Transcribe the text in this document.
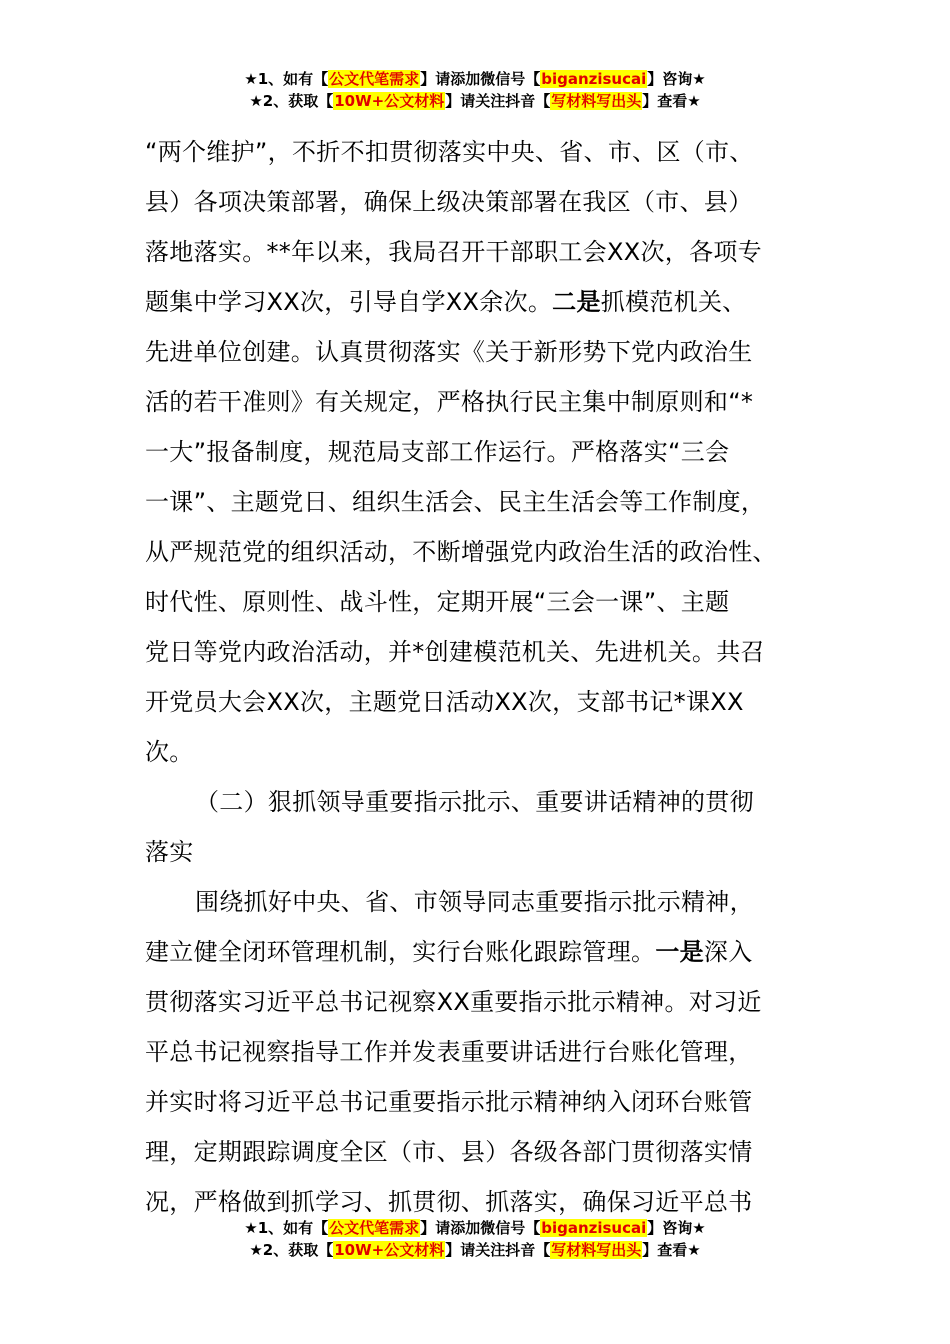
★1、如有【公文代笔需求】请添加微信号【biganzisucai】咨询★
★2、获取【10W+公文材料】请关注抖音【写材料写出头】查看★
“两个维护”，不折不扣贯彻落实中央、省、市、区（市、
县）各项决策部署，确保上级决策部署在我区（市、县）
落地落实。**年以来，我局召开干部职工会XX次，各项专
题集中学习XX次，引导自学XX余次。二是抓模范机关、
先进单位创建。认真贯彻落实《关于新形势下党内政治生
活的若干准则》有关规定，严格执行民主集中制原则和“*
一大”报备制度，规范局支部工作运行。严格落实“三会
一课”、主题党日、组织生活会、民主生活会等工作制度，
从严规范党的组织活动，不断增强党内政治生活的政治性、
时代性、原则性、战斗性，定期开展“三会一课”、主题
党日等党内政治活动，并*创建模范机关、先进机关。共召
开党员大会XX次，主题党日活动XX次，支部书记*课XX
次。
（二）狠抓领导重要指示批示、重要讲话精神的贯彻
落实
围绕抓好中央、省、市领导同志重要指示批示精神，
建立健全闭环管理机制，实行台账化跟踪管理。一是深入
贯彻落实习近平总书记视察XX重要指示批示精神。对习近
平总书记视察指导工作并发表重要讲话进行台账化管理，
并实时将习近平总书记重要指示批示精神纳入闭环台账管
理，定期跟踪调度全区（市、县）各级各部门贯彻落实情
况，严格做到抓学习、抓贯彻、抓落实，确保习近平总书
★1、如有【公文代笔需求】请添加微信号【biganzisucai】咨询★
★2、获取【10W+公文材料】请关注抖音【写材料写出头】查看★
